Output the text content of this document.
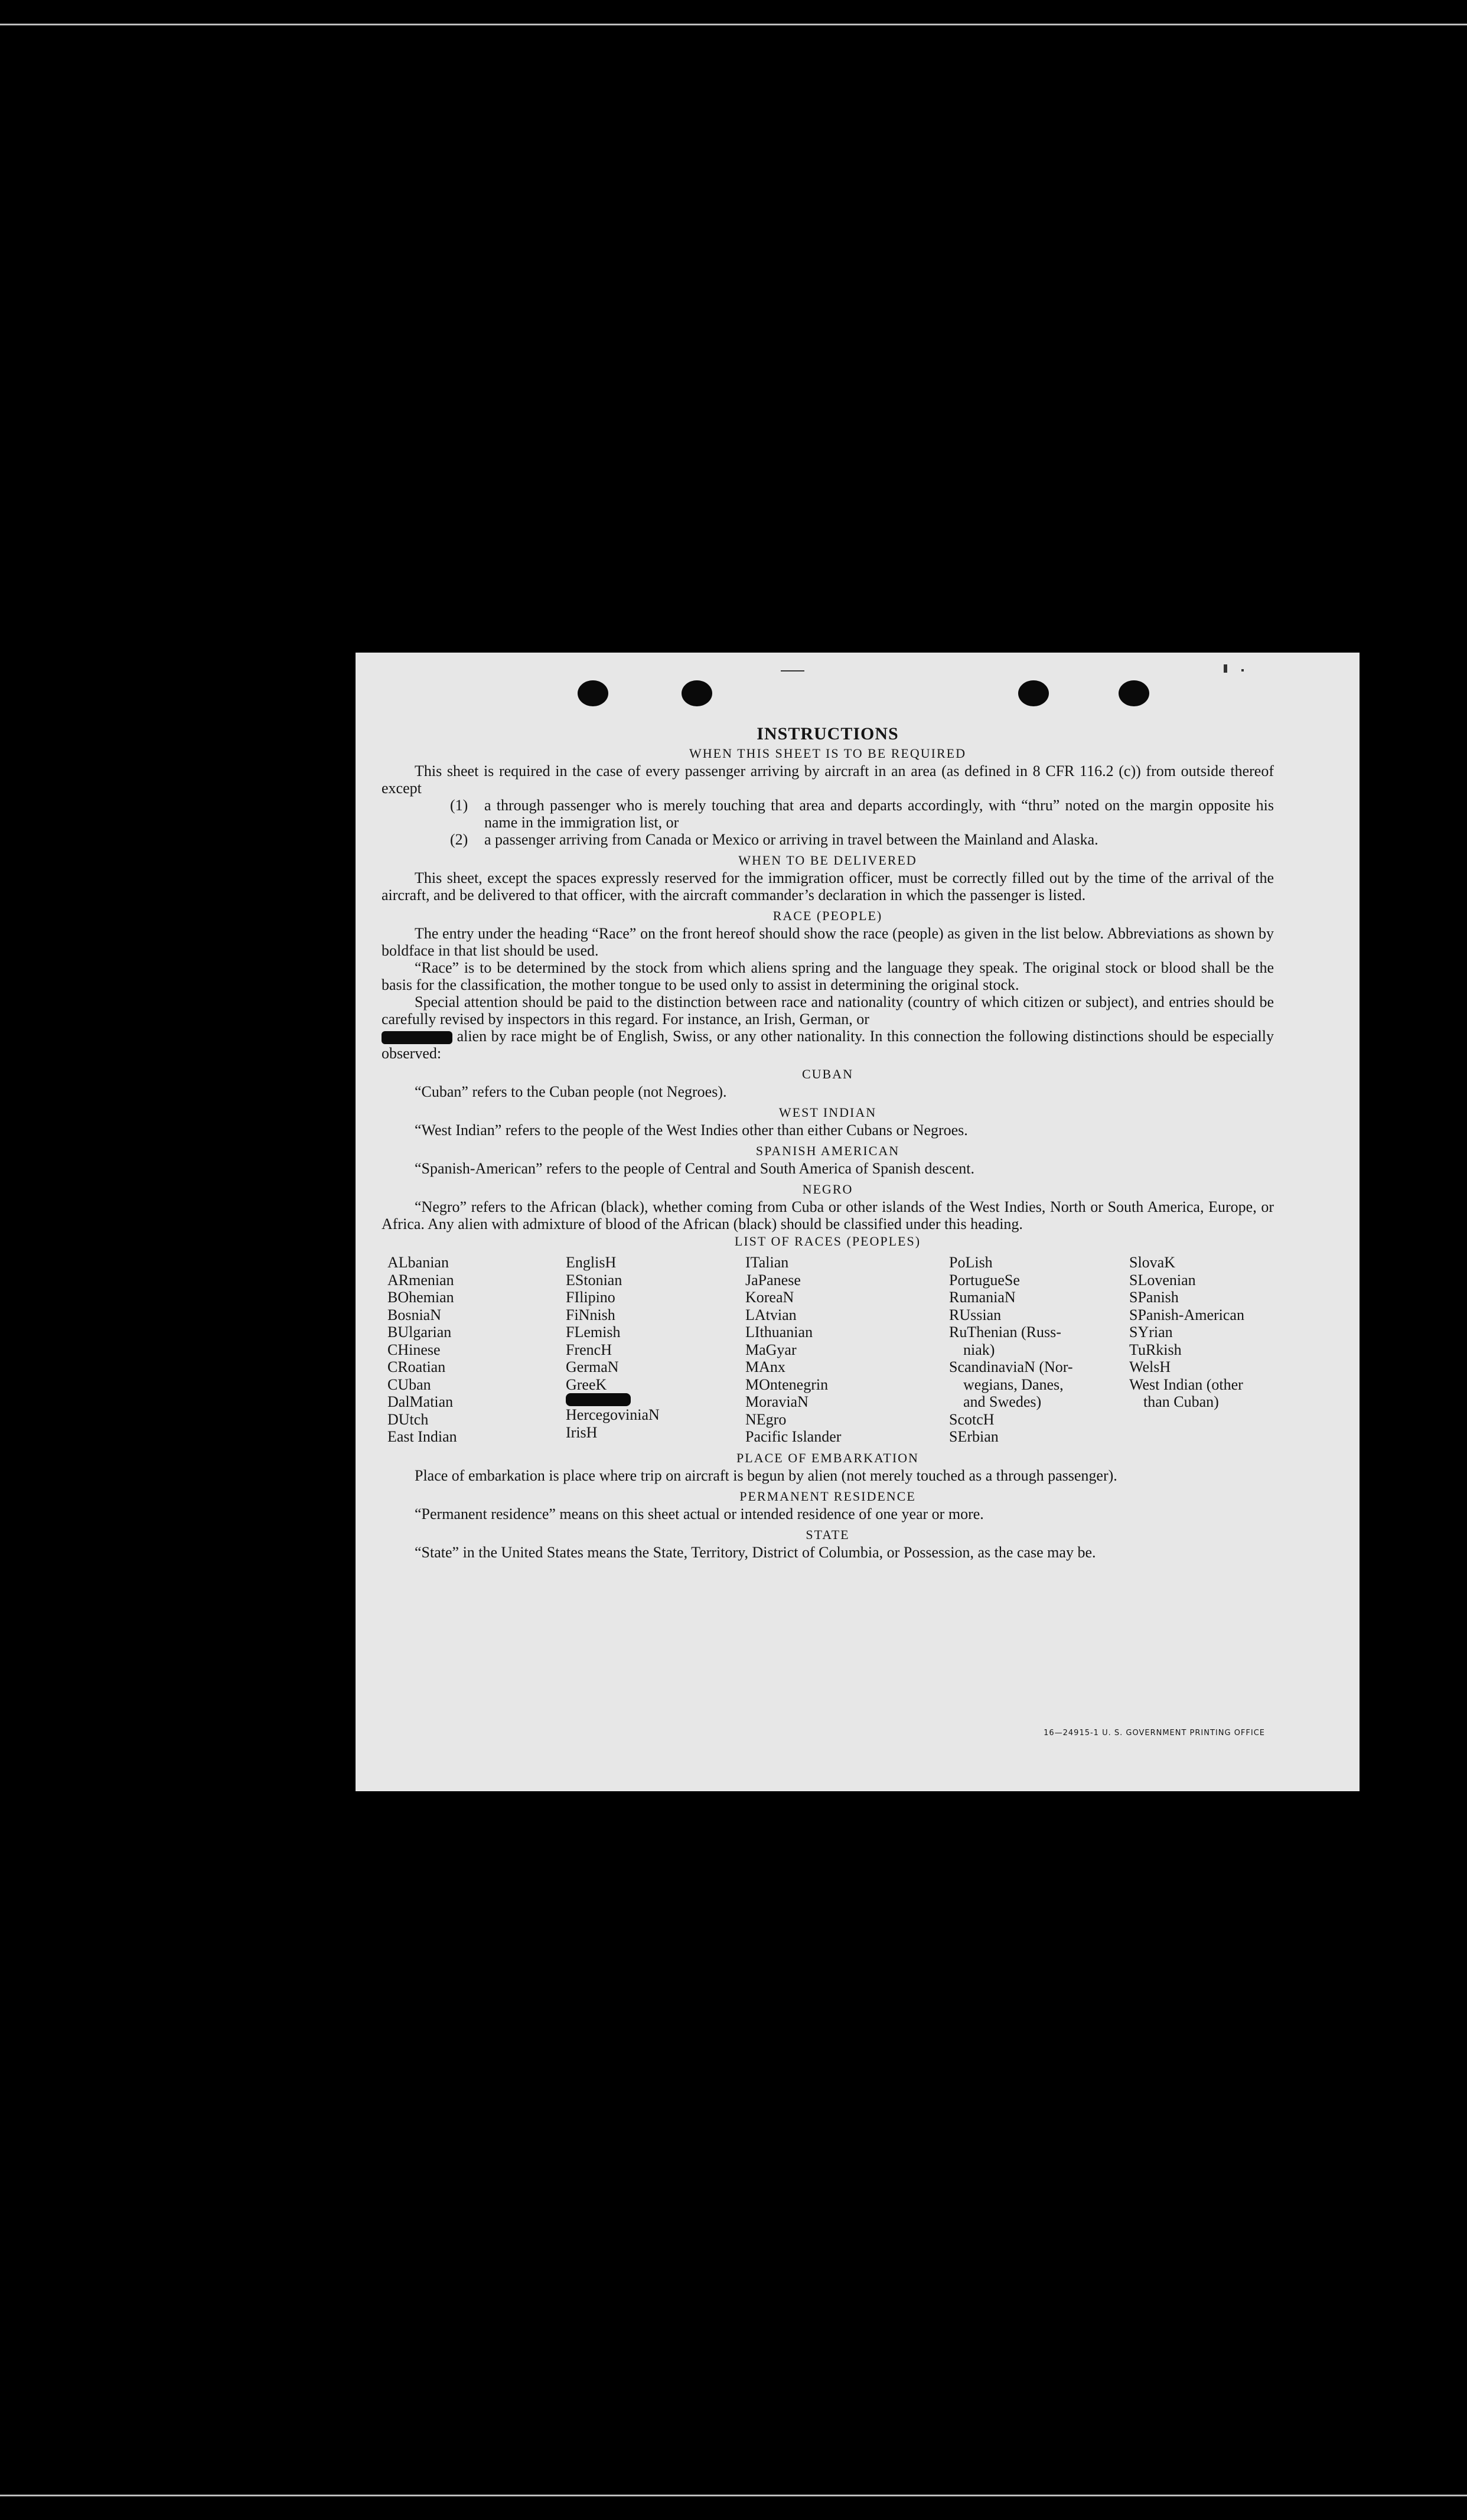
INSTRUCTIONS
WHEN THIS SHEET IS TO BE REQUIRED

This sheet is required in the case of every passenger arriving by aircraft in an area (as defined in 8 CFR 116.2 (c)) from outside thereof except

(1)	a through passenger who is merely touching that area and departs accordingly, with “thru” noted on the margin opposite his name in the immigration list, or
(2)	a passenger arriving from Canada or Mexico or arriving in travel between the Mainland and Alaska.
WHEN TO BE DELIVERED

This sheet, except the spaces expressly reserved for the immigration officer, must be correctly filled out by the time of the arrival of the aircraft, and be delivered to that officer, with the aircraft commander’s declaration in which the passenger is listed.

RACE (PEOPLE)

The entry under the heading “Race” on the front hereof should show the race (people) as given in the list below. Abbreviations as shown by boldface in that list should be used.

“Race” is to be determined by the stock from which aliens spring and the language they speak. The original stock or blood shall be the basis for the classification, the mother tongue to be used only to assist in determining the original stock.

Special attention should be paid to the distinction between race and nationality (country of which citizen or subject), and entries should be carefully revised by inspectors in this regard. For instance, an Irish, German, or

alien by race might be of English, Swiss, or any other nationality. In this connection the following distinctions should be especially observed:

CUBAN

“Cuban” refers to the Cuban people (not Negroes).

WEST INDIAN

“West Indian” refers to the people of the West Indies other than either Cubans or Negroes.

SPANISH AMERICAN

“Spanish-American” refers to the people of Central and South America of Spanish descent.

NEGRO

“Negro” refers to the African (black), whether coming from Cuba or other islands of the West Indies, North or South America, Europe, or Africa. Any alien with admixture of blood of the African (black) should be classified under this heading.

LIST OF RACES (PEOPLES)
ALbanian
ARmenian
BOhemian
BosniaN
BUlgarian
CHinese
CRoatian
CUban
DalMatian
DUtch
East Indian
EnglisH
EStonian
FIlipino
FiNnish
FLemish
FrencH
GermaN
GreeK
HercegoviniaN
IrisH
ITalian
JaPanese
KoreaN
LAtvian
LIthuanian
MaGyar
MAnx
MOntenegrin
MoraviaN
NEgro
Pacific Islander
PoLish
PortugueSe
RumaniaN
RUssian
RuThenian (Russ-
niak)
ScandinaviaN (Nor-
wegians, Danes,
and Swedes)
ScotcH
SErbian
SlovaK
SLovenian
SPanish
SPanish-American
SYrian
TuRkish
WelsH
West Indian (other
than Cuban)
PLACE OF EMBARKATION

Place of embarkation is place where trip on aircraft is begun by alien (not merely touched as a through passenger).

PERMANENT RESIDENCE

“Permanent residence” means on this sheet actual or intended residence of one year or more.

STATE

“State” in the United States means the State, Territory, District of Columbia, or Possession, as the case may be.

16—24915-1 U. S. GOVERNMENT PRINTING OFFICE
